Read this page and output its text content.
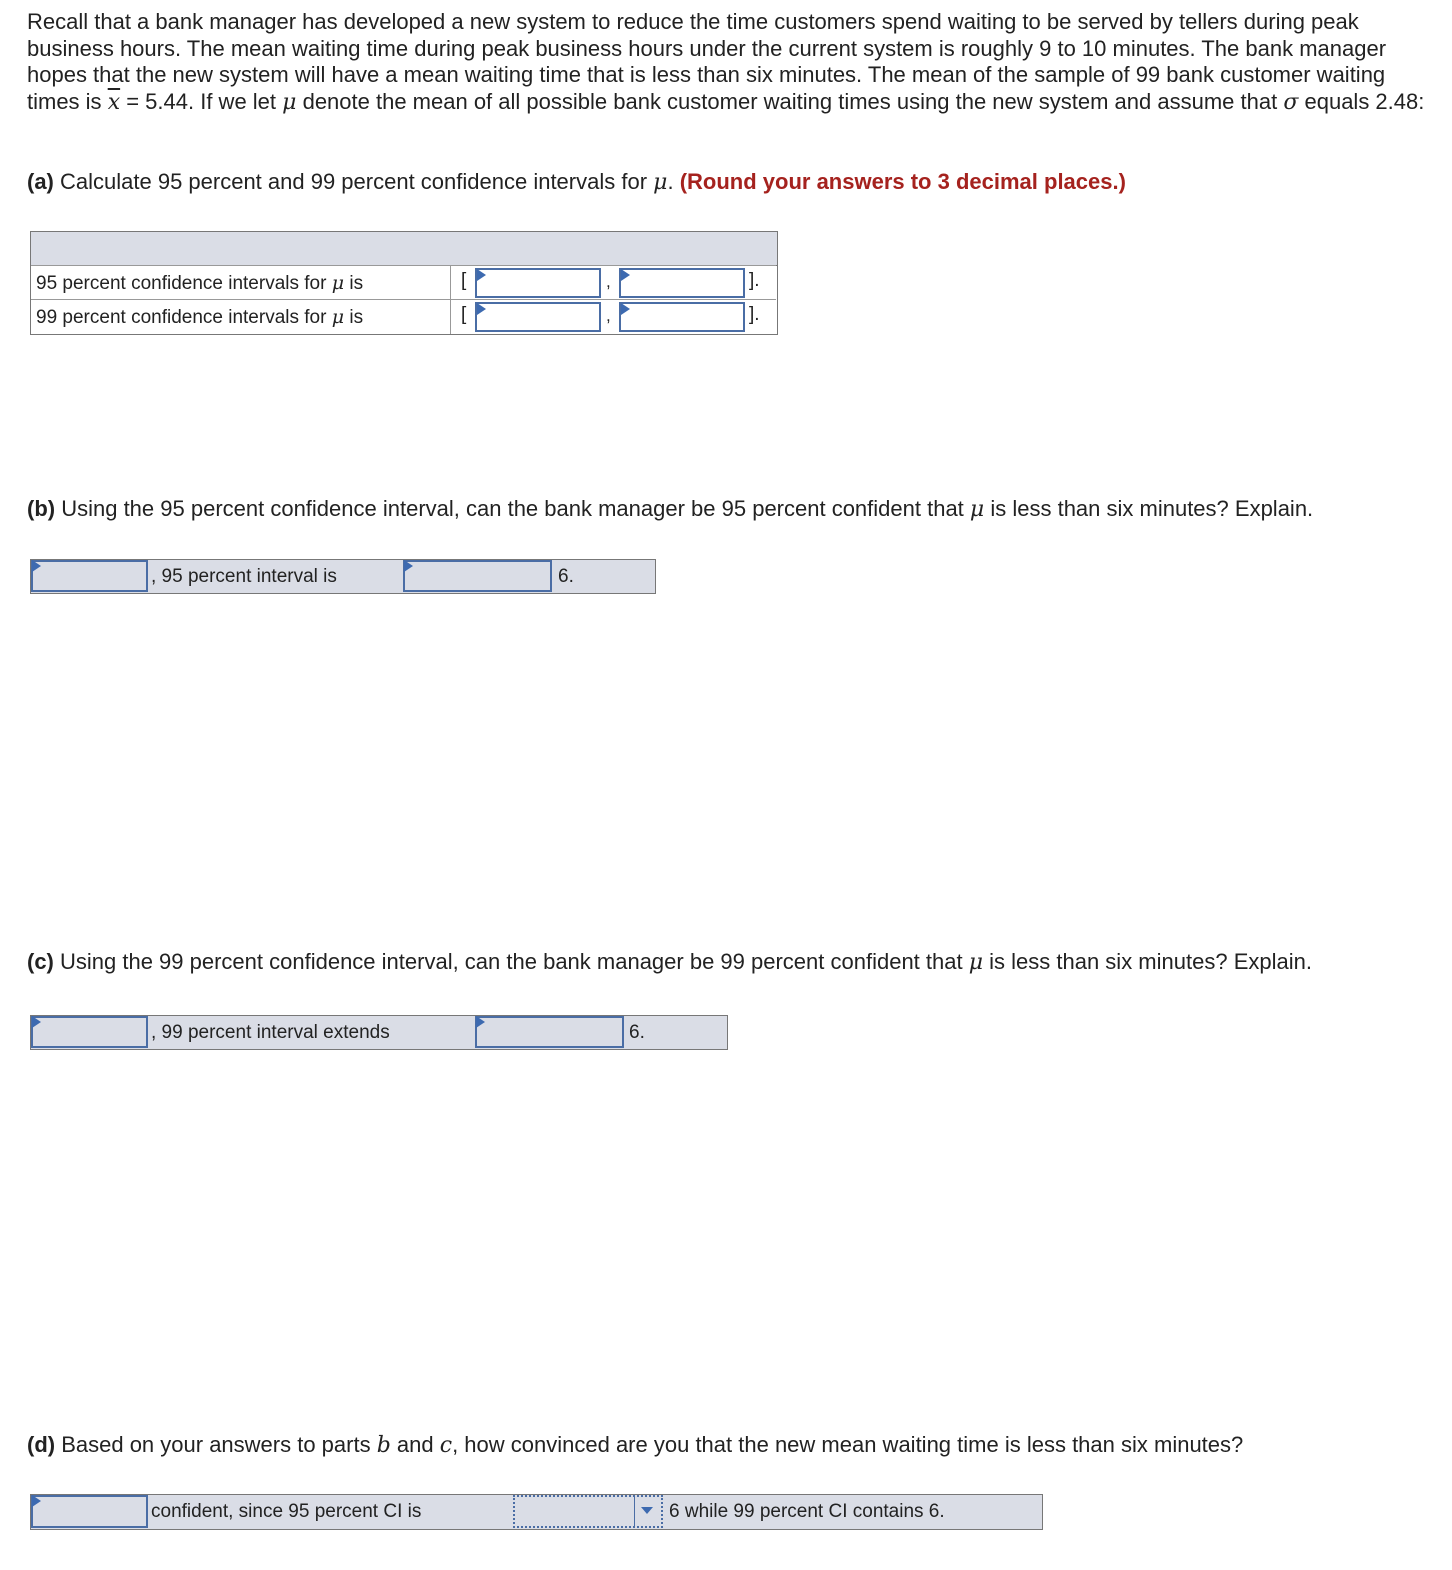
Recall that a bank manager has developed a new system to reduce the time customers spend waiting to be served by tellers during peak business hours. The mean waiting time during peak business hours under the current system is roughly 9 to 10 minutes. The bank manager hopes that the new system will have a mean waiting time that is less than six minutes. The mean of the sample of 99 bank customer waiting times is $\overline{x} = 5.44$. If we let μ denote the mean of all possible bank customer waiting times using the new system and assume that σ equals 2.48:

(a) Calculate 95 percent and 99 percent confidence intervals for μ. (Round your answers to 3 decimal places.)
95 percent confidence intervals for μ is	[	,	].
99 percent confidence intervals for μ is	[	,	].
(b) Using the 95 percent confidence interval, can the bank manager be 95 percent confident that μ is less than six minutes? Explain.
, 95 percent interval is	6.
(c) Using the 99 percent confidence interval, can the bank manager be 99 percent confident that μ is less than six minutes? Explain.
, 99 percent interval extends	6.
(d) Based on your answers to parts b and c, how convinced are you that the new mean waiting time is less than six minutes?
confident, since 95 percent CI is	6 while 99 percent CI contains 6.
